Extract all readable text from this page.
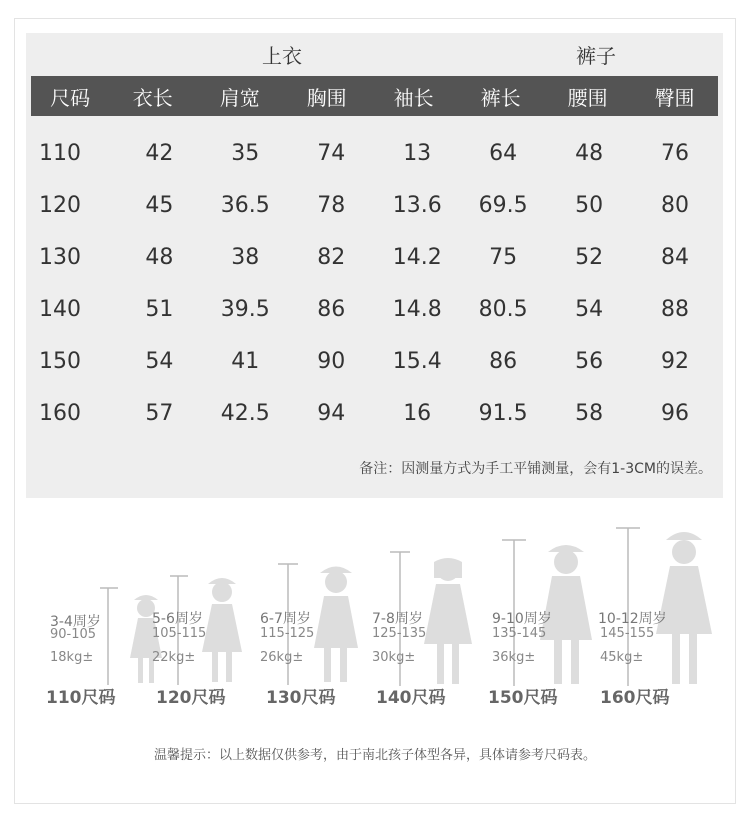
上衣	裤子
尺码	衣长	肩宽	胸围	袖长	裤长	腰围	臀围
110	42	35	74	13	64	48	76
120	45	36.5	78	13.6	69.5	50	80
130	48	38	82	14.2	75	52	84
140	51	39.5	86	14.8	80.5	54	88
150	54	41	90	15.4	86	56	92
160	57	42.5	94	16	91.5	58	96
备注：因测量方式为手工平铺测量，会有1-3CM的误差。
3-4周岁
90-105
18kg±
110尺码
5-6周岁
105-115
22kg±
120尺码
6-7周岁
115-125
26kg±
130尺码
7-8周岁
125-135
30kg±
140尺码
9-10周岁
135-145
36kg±
150尺码
10-12周岁
145-155
45kg±
160尺码
温馨提示：以上数据仅供参考，由于南北孩子体型各异，具体请参考尺码表。
